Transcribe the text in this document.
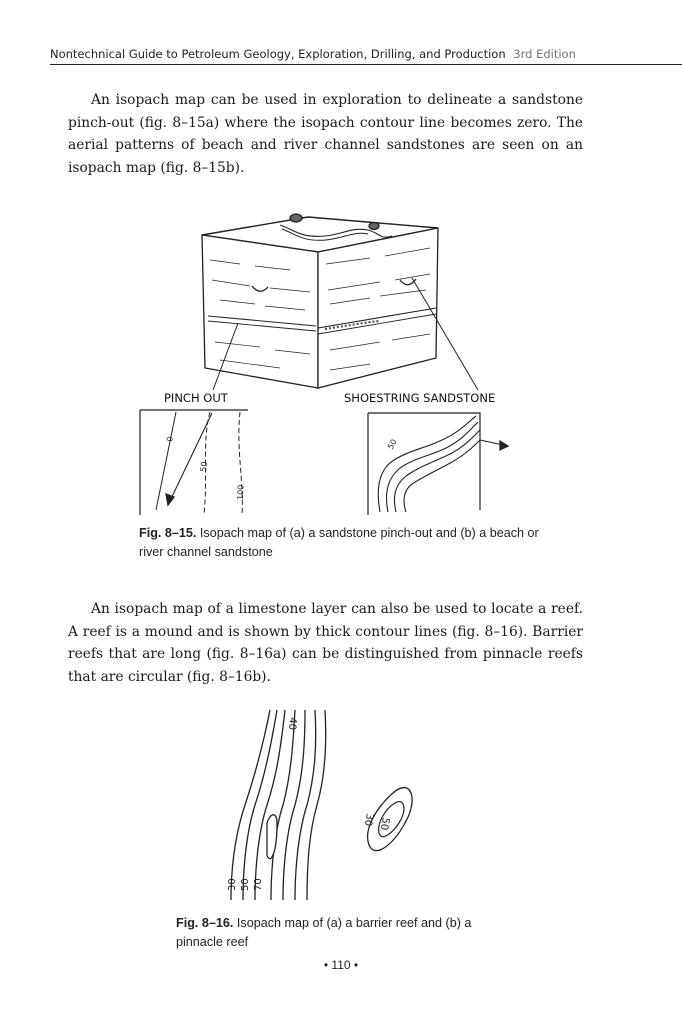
Nontechnical Guide to Petroleum Geology, Exploration, Drilling, and Production 3rd Edition

An isopach map can be used in exploration to delineate a sandstone pinch-out (fig. 8–15a) where the isopach contour line becomes zero. The aerial patterns of beach and river channel sandstones are seen on an isopach map (fig. 8–15b).

PINCH OUT	SHOESTRING SANDSTONE
0
50
100
50
Fig. 8–15. Isopach map of (a) a sandstone pinch-out and (b) a beach or river channel sandstone

An isopach map of a limestone layer can also be used to locate a reef. A reef is a mound and is shown by thick contour lines (fig. 8–16). Barrier reefs that are long (fig. 8–16a) can be distinguished from pinnacle reefs that are circular (fig. 8–16b).

40
30 50 70
30 50
Fig. 8–16. Isopach map of (a) a barrier reef and (b) a pinnacle reef
• 110 •
